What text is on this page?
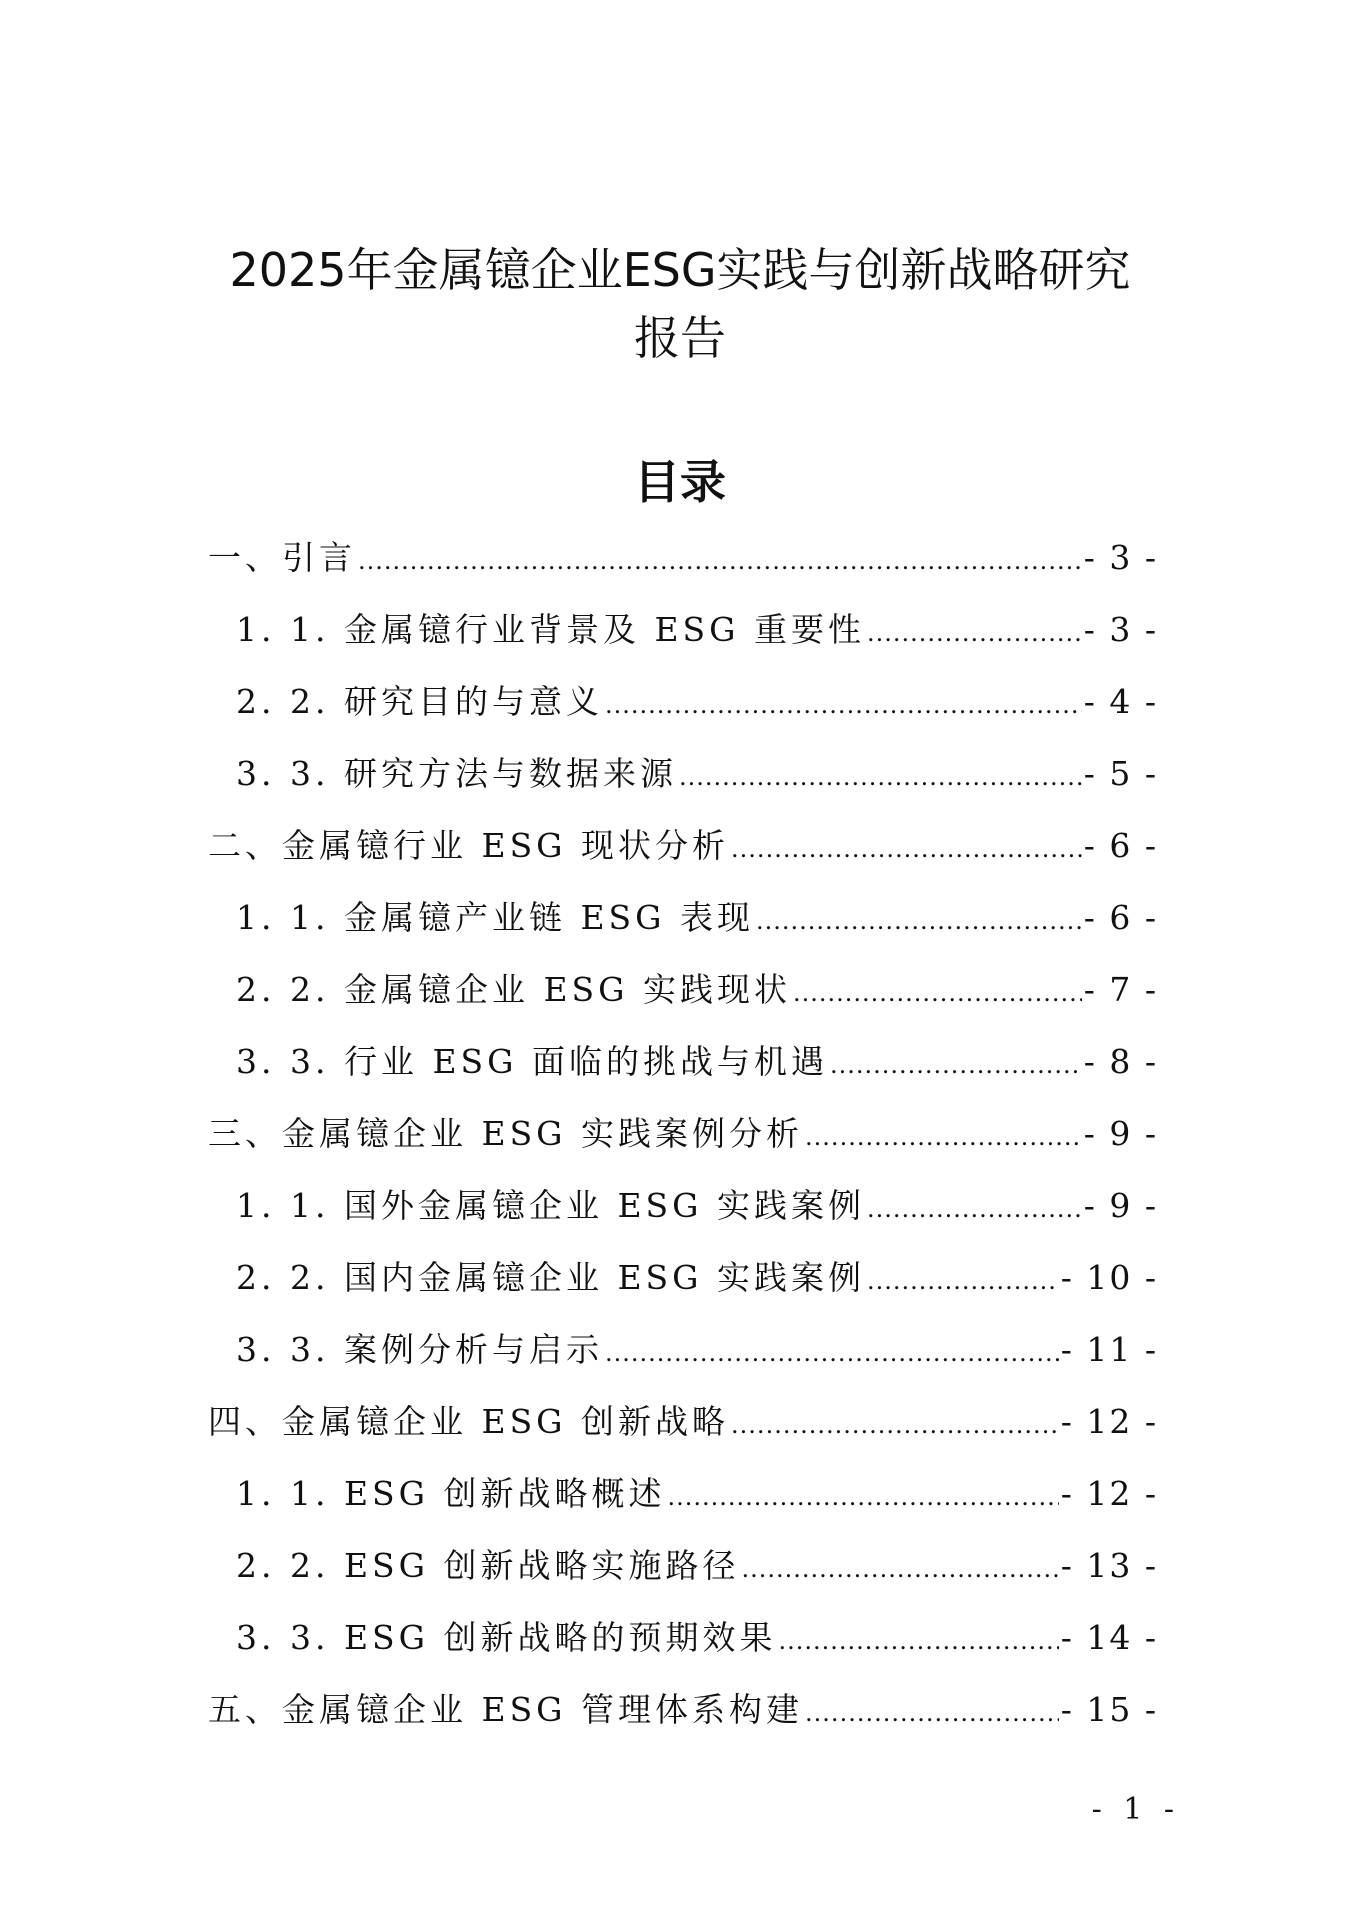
2025年金属镱企业ESG实践与创新战略研究
报告
目录
一、引言 .....	- 3 -
1. 1. 金属镱行业背景及 ESG 重要性 .....	- 3 -
2. 2. 研究目的与意义 .....	- 4 -
3. 3. 研究方法与数据来源 .....	- 5 -
二、金属镱行业 ESG 现状分析 .....	- 6 -
1. 1. 金属镱产业链 ESG 表现 .....	- 6 -
2. 2. 金属镱企业 ESG 实践现状 .....	- 7 -
3. 3. 行业 ESG 面临的挑战与机遇 .....	- 8 -
三、金属镱企业 ESG 实践案例分析 .....	- 9 -
1. 1. 国外金属镱企业 ESG 实践案例 .....	- 9 -
2. 2. 国内金属镱企业 ESG 实践案例 .....	- 10 -
3. 3. 案例分析与启示 .....	- 11 -
四、金属镱企业 ESG 创新战略 .....	- 12 -
1. 1. ESG 创新战略概述 .....	- 12 -
2. 2. ESG 创新战略实施路径 .....	- 13 -
3. 3. ESG 创新战略的预期效果 .....	- 14 -
五、金属镱企业 ESG 管理体系构建 .....	- 15 -
- 1 -
